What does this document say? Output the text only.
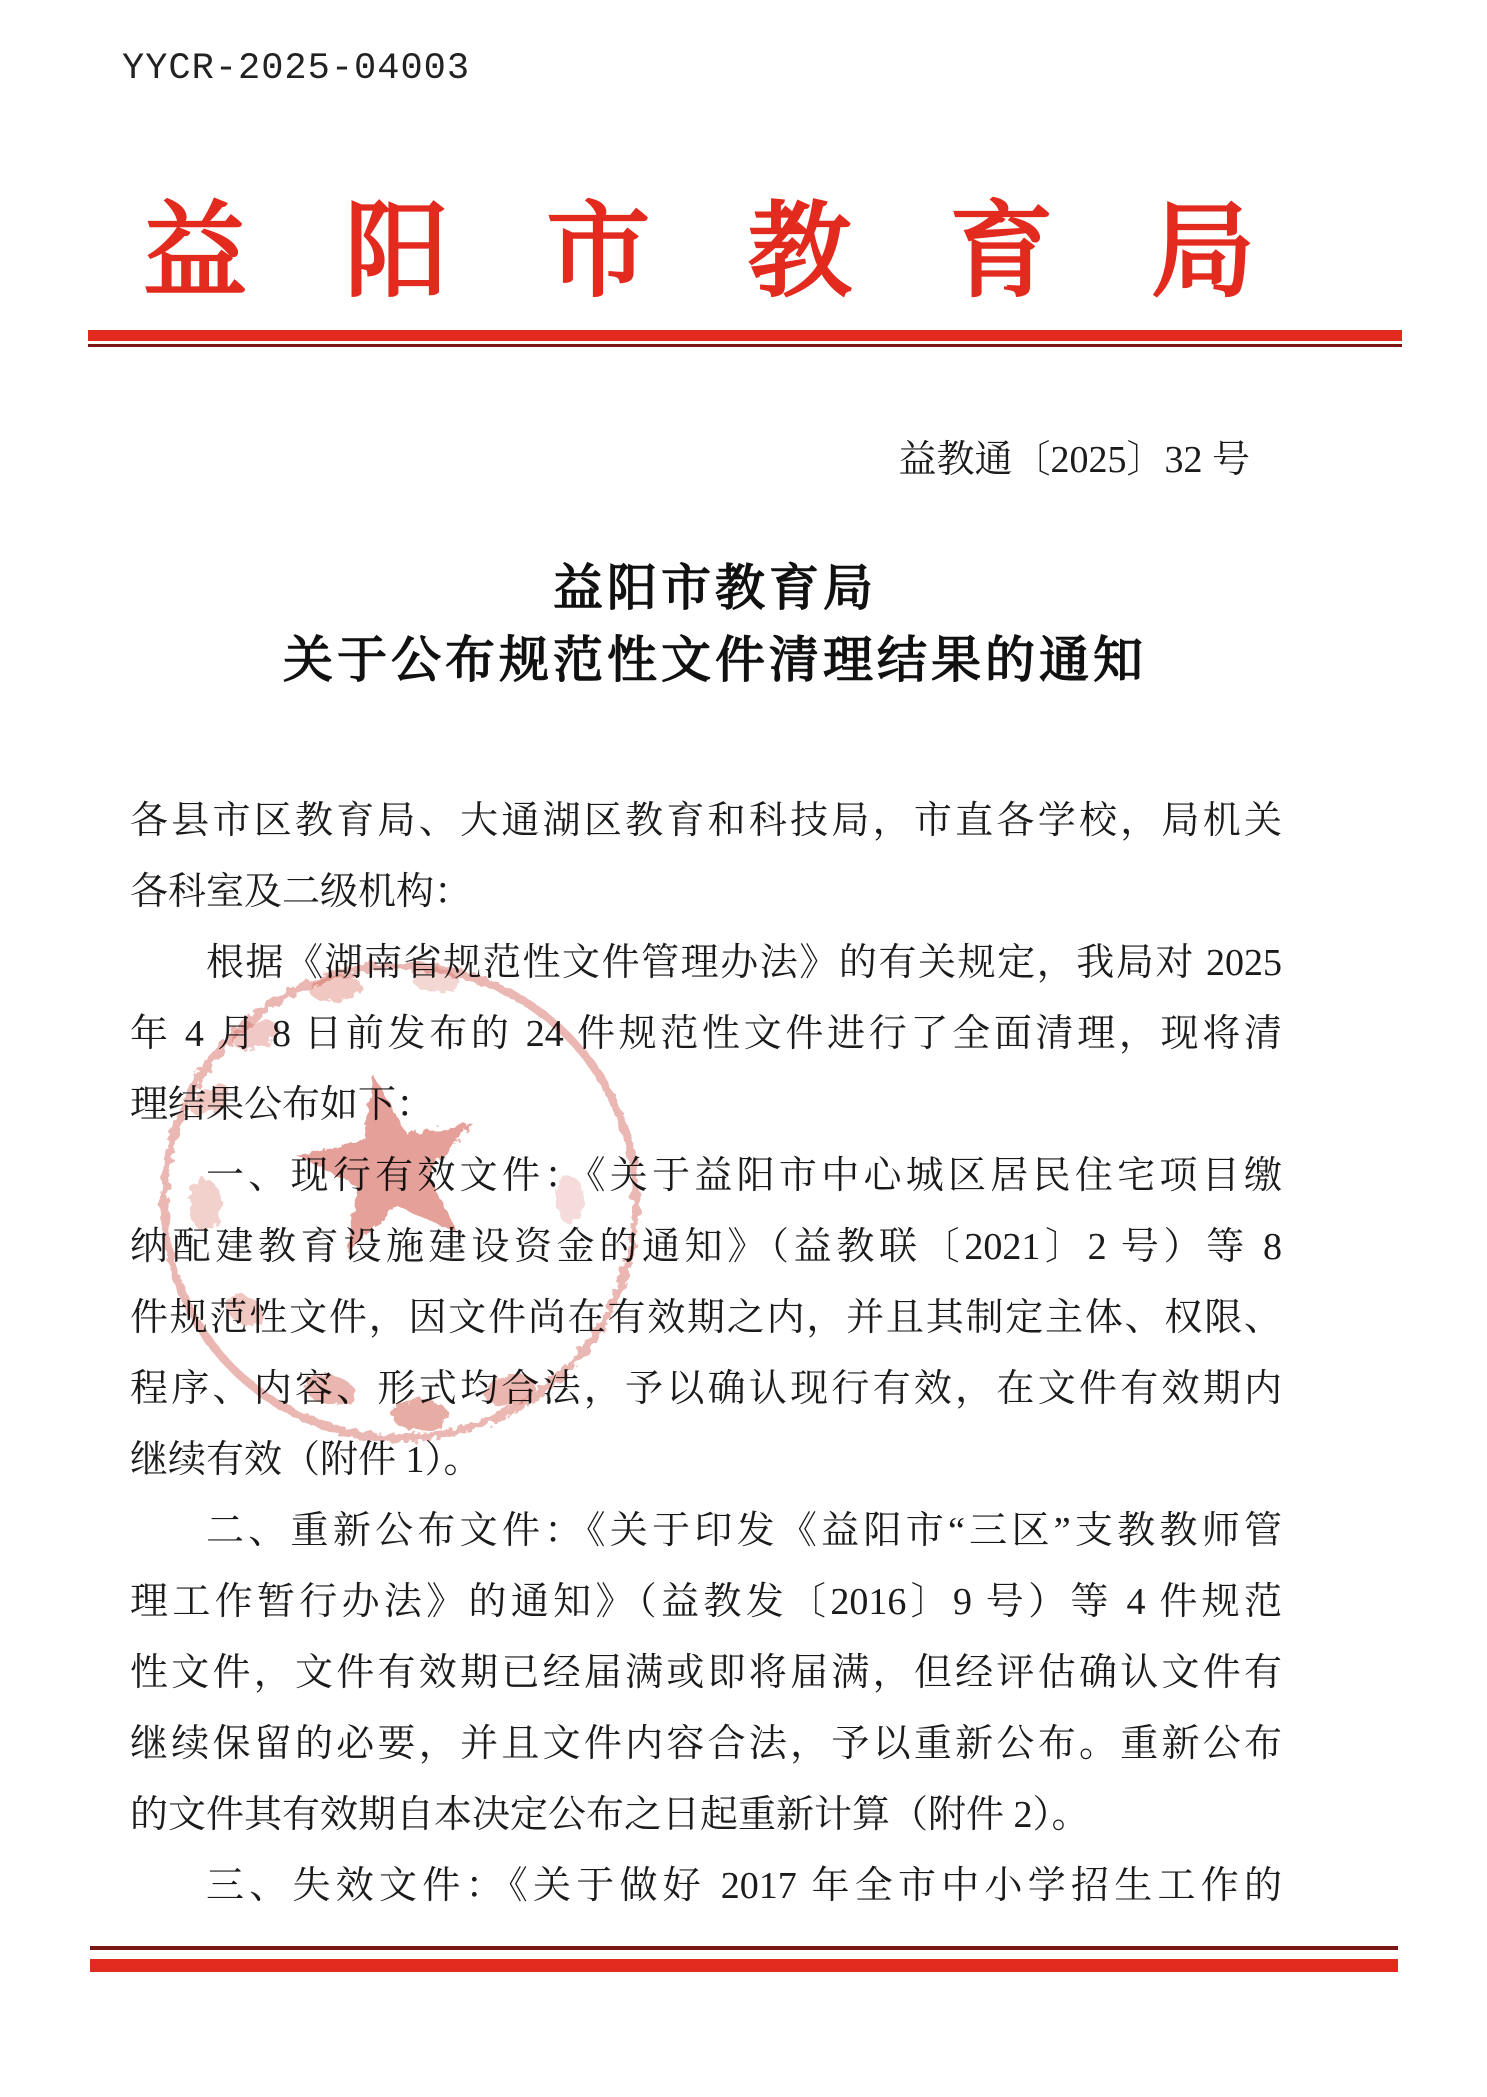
YYCR-2025-04003
益 阳 市 教 育 局
益教通〔2025〕32 号
益阳市教育局
关于公布规范性文件清理结果的通知
各县市区教育局、大通湖区教育和科技局，市直各学校，局机关
各科室及二级机构：
根据《湖南省规范性文件管理办法》的有关规定，我局对 2025
年 4 月 8 日前发布的 24 件规范性文件进行了全面清理，现将清
理结果公布如下：
一、现行有效文件：《关于益阳市中心城区居民住宅项目缴
纳配建教育设施建设资金的通知》（益教联〔2021〕2 号）等 8
件规范性文件，因文件尚在有效期之内，并且其制定主体、权限、
程序、内容、形式均合法，予以确认现行有效，在文件有效期内
继续有效（附件 1）。
二、重新公布文件：《关于印发《益阳市“三区”支教教师管
理工作暂行办法》的通知》（益教发〔2016〕9 号）等 4 件规范
性文件，文件有效期已经届满或即将届满，但经评估确认文件有
继续保留的必要，并且文件内容合法，予以重新公布。重新公布
的文件其有效期自本决定公布之日起重新计算（附件 2）。
三、失效文件：《关于做好 2017 年全市中小学招生工作的
